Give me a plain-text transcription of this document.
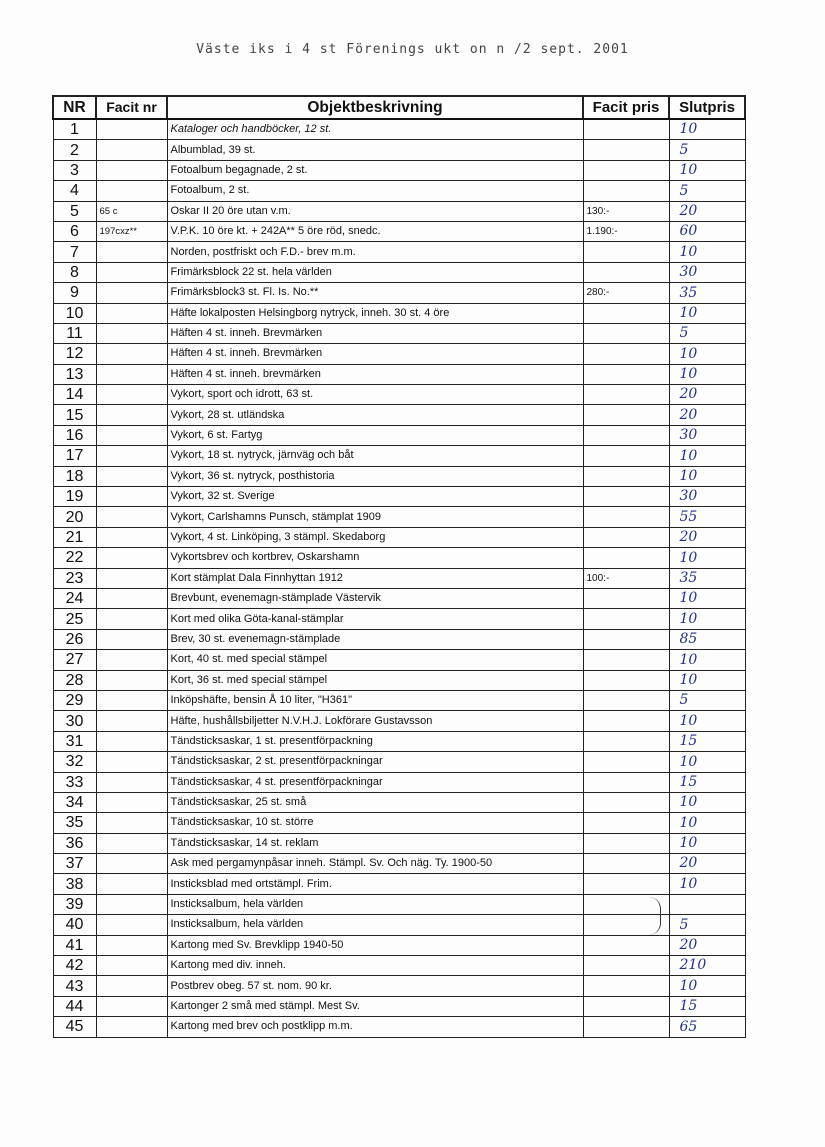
Väste iks i 4 st Förenings ukt on n /2 sept. 2001
NR	Facit nr	Objektbeskrivning	Facit pris	Slutpris
1		Kataloger och handböcker, 12 st.		10
2		Albumblad, 39 st.		5
3		Fotoalbum begagnade, 2 st.		10
4		Fotoalbum, 2 st.		5
5	65 c	Oskar II 20 öre utan v.m.	130:-	20
6	197cxz**	V.P.K. 10 öre kt. + 242A** 5 öre röd, snedc.	1.190:-	60
7		Norden, postfriskt och F.D.- brev m.m.		10
8		Frimärksblock 22 st. hela världen		30
9		Frimärksblock3 st. Fl. Is. No.**	280:-	35
10		Häfte lokalposten Helsingborg nytryck, inneh. 30 st. 4 öre		10
11		Häften 4 st. inneh. Brevmärken		5
12		Häften 4 st. inneh. Brevmärken		10
13		Häften 4 st. inneh. brevmärken		10
14		Vykort, sport och idrott, 63 st.		20
15		Vykort, 28 st. utländska		20
16		Vykort, 6 st. Fartyg		30
17		Vykort, 18 st. nytryck, järnväg och båt		10
18		Vykort, 36 st. nytryck, posthistoria		10
19		Vykort, 32 st. Sverige		30
20		Vykort, Carlshamns Punsch, stämplat 1909		55
21		Vykort, 4 st. Linköping, 3 stämpl. Skedaborg		20
22		Vykortsbrev och kortbrev, Oskarshamn		10
23		Kort stämplat Dala Finnhyttan 1912	100:-	35
24		Brevbunt, evenemagn-stämplade Västervik		10
25		Kort med olika Göta-kanal-stämplar		10
26		Brev, 30 st. evenemagn-stämplade		85
27		Kort, 40 st. med special stämpel		10
28		Kort, 36 st. med special stämpel		10
29		Inköpshäfte, bensin Å 10 liter, "H361"		5
30		Häfte, hushållsbiljetter N.V.H.J. Lokförare Gustavsson		10
31		Tändsticksaskar, 1 st. presentförpackning		15
32		Tändsticksaskar, 2 st. presentförpackningar		10
33		Tändsticksaskar, 4 st. presentförpackningar		15
34		Tändsticksaskar, 25 st. små		10
35		Tändsticksaskar, 10 st. större		10
36		Tändsticksaskar, 14 st. reklam		10
37		Ask med pergamynpåsar inneh. Stämpl. Sv. Och näg. Ty. 1900-50		20
38		Insticksblad med ortstämpl. Frim.		10
39		Insticksalbum, hela världen		
40		Insticksalbum, hela världen		5
41		Kartong med Sv. Brevklipp 1940-50		20
42		Kartong med div. inneh.		210
43		Postbrev obeg. 57 st. nom. 90 kr.		10
44		Kartonger 2 små med stämpl. Mest Sv.		15
45		Kartong med brev och postklipp m.m.		65
